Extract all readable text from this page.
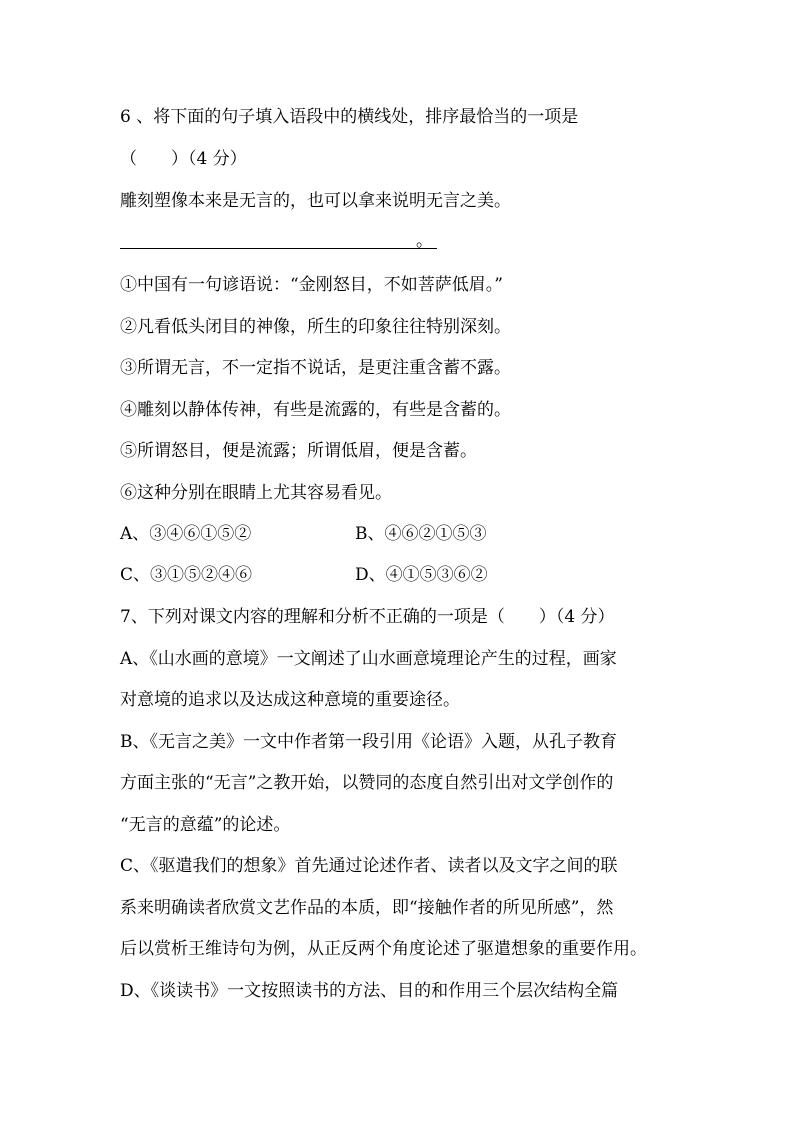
6 、将下面的句子填入语段中的横线处，排序最恰当的一项是
（　　）（4 分）
雕刻塑像本来是无言的，也可以拿来说明无言之美。
。
①中国有一句谚语说：“金刚怒目，不如菩萨低眉。”
②凡看低头闭目的神像，所生的印象往往特别深刻。
③所谓无言，不一定指不说话，是更注重含蓄不露。
④雕刻以静体传神，有些是流露的，有些是含蓄的。
⑤所谓怒目，便是流露；所谓低眉，便是含蓄。
⑥这种分别在眼睛上尤其容易看见。
A、③④⑥①⑤②	B、④⑥②①⑤③
C、③①⑤②④⑥	D、④①⑤③⑥②
7、下列对课文内容的理解和分析不正确的一项是（　　）（4 分）
A、《山水画的意境》一文阐述了山水画意境理论产生的过程，画家
对意境的追求以及达成这种意境的重要途径。
B、《无言之美》一文中作者第一段引用《论语》入题，从孔子教育
方面主张的“无言”之教开始，以赞同的态度自然引出对文学创作的
“无言的意蕴”的论述。
C、《驱遣我们的想象》首先通过论述作者、读者以及文字之间的联
系来明确读者欣赏文艺作品的本质，即“接触作者的所见所感”，然
后以赏析王维诗句为例，从正反两个角度论述了驱遣想象的重要作用。
D、《谈读书》一文按照读书的方法、目的和作用三个层次结构全篇
